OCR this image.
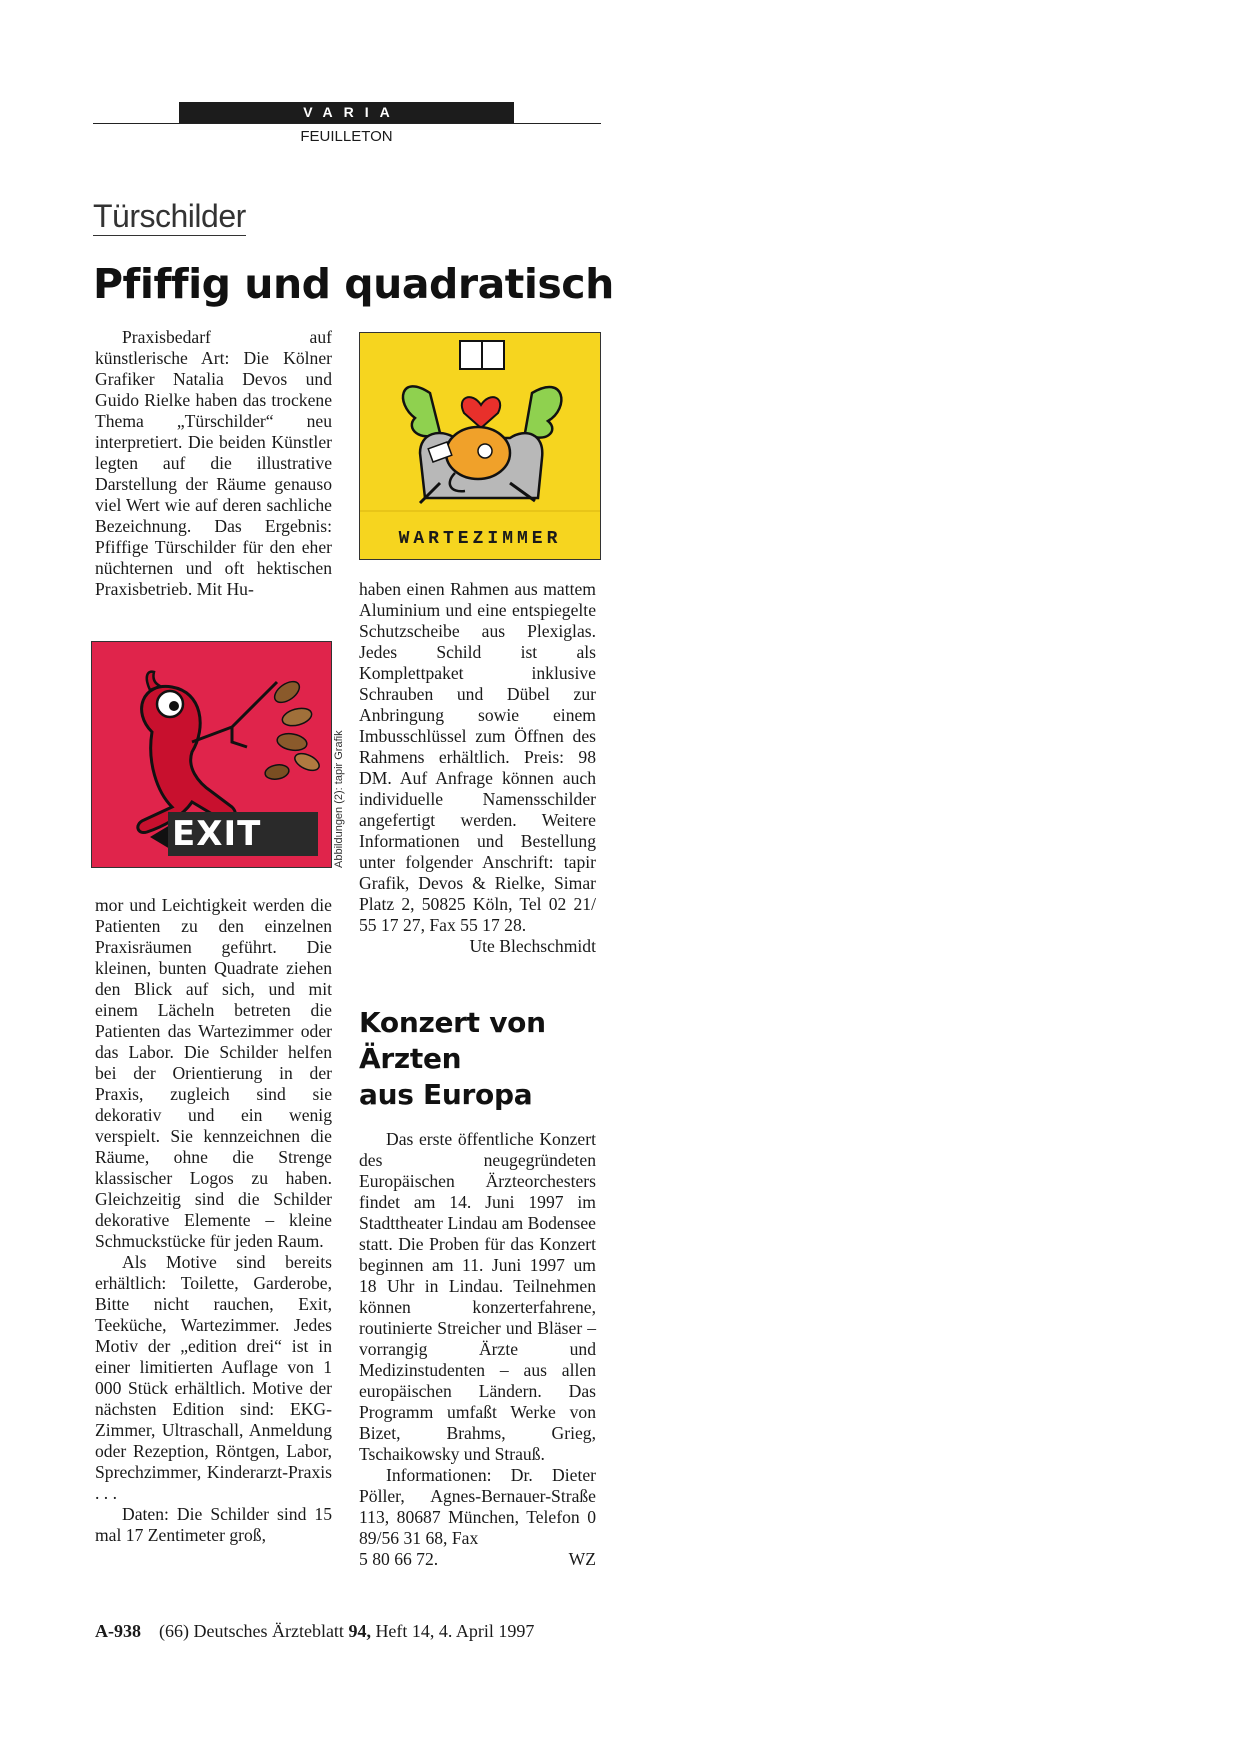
VARIA
FEUILLETON
Türschilder
Pfiffig und quadratisch

Praxisbedarf auf künstlerische Art: Die Kölner Grafiker Natalia Devos und Guido Rielke haben das trockene Thema „Türschilder“ neu interpretiert. Die beiden Künstler legten auf die illustrative Darstellung der Räume genauso viel Wert wie auf deren sachliche Bezeichnung. Das Ergebnis: Pfiffige Türschilder für den eher nüchternen und oft hektischen Praxisbetrieb. Mit Hu-

EXIT	Abbildungen (2): tapir Grafik

mor und Leichtigkeit werden die Patienten zu den einzelnen Praxisräumen geführt. Die kleinen, bunten Quadrate ziehen den Blick auf sich, und mit einem Lächeln betreten die Patienten das Wartezimmer oder das Labor. Die Schilder helfen bei der Orientierung in der Praxis, zugleich sind sie dekorativ und ein wenig verspielt. Sie kennzeichnen die Räume, ohne die Strenge klassischer Logos zu haben. Gleichzeitig sind die Schilder dekorative Elemente – kleine Schmuckstücke für jeden Raum.

Als Motive sind bereits erhältlich: Toilette, Garderobe, Bitte nicht rauchen, Exit, Teeküche, Wartezimmer. Jedes Motiv der „edition drei“ ist in einer limitierten Auflage von 1 000 Stück erhältlich. Motive der nächsten Edition sind: EKG-Zimmer, Ultraschall, Anmeldung oder Rezeption, Röntgen, Labor, Sprechzimmer, Kinderarzt-Praxis . . .

Daten: Die Schilder sind 15 mal 17 Zentimeter groß,

WARTEZIMMER

haben einen Rahmen aus mattem Aluminium und eine entspiegelte Schutzscheibe aus Plexiglas. Jedes Schild ist als Komplettpaket inklusive Schrauben und Dübel zur Anbringung sowie einem Imbusschlüssel zum Öffnen des Rahmens erhältlich. Preis: 98 DM. Auf Anfrage können auch individuelle Namensschilder angefertigt werden. Weitere Informationen und Bestellung unter folgender Anschrift: tapir Grafik, Devos & Rielke, Simar Platz 2, 50825 Köln, Tel 02 21/ 55 17 27, Fax 55 17 28.

Ute Blechschmidt
Konzert von
Ärzten
aus Europa

Das erste öffentliche Konzert des neugegründeten Europäischen Ärzteorchesters findet am 14. Juni 1997 im Stadttheater Lindau am Bodensee statt. Die Proben für das Konzert beginnen am 11. Juni 1997 um 18 Uhr in Lindau. Teilnehmen können konzerterfahrene, routinierte Streicher und Bläser – vorrangig Ärzte und Medizinstudenten – aus allen europäischen Ländern. Das Programm umfaßt Werke von Bizet, Brahms, Grieg, Tschaikowsky und Strauß.

Informationen: Dr. Dieter Pöller, Agnes-Bernauer-Straße 113, 80687 München, Telefon 0 89/56 31 68, Fax

5 80 66 72.	WZ
A-938 (66) Deutsches Ärzteblatt 94, Heft 14, 4. April 1997
